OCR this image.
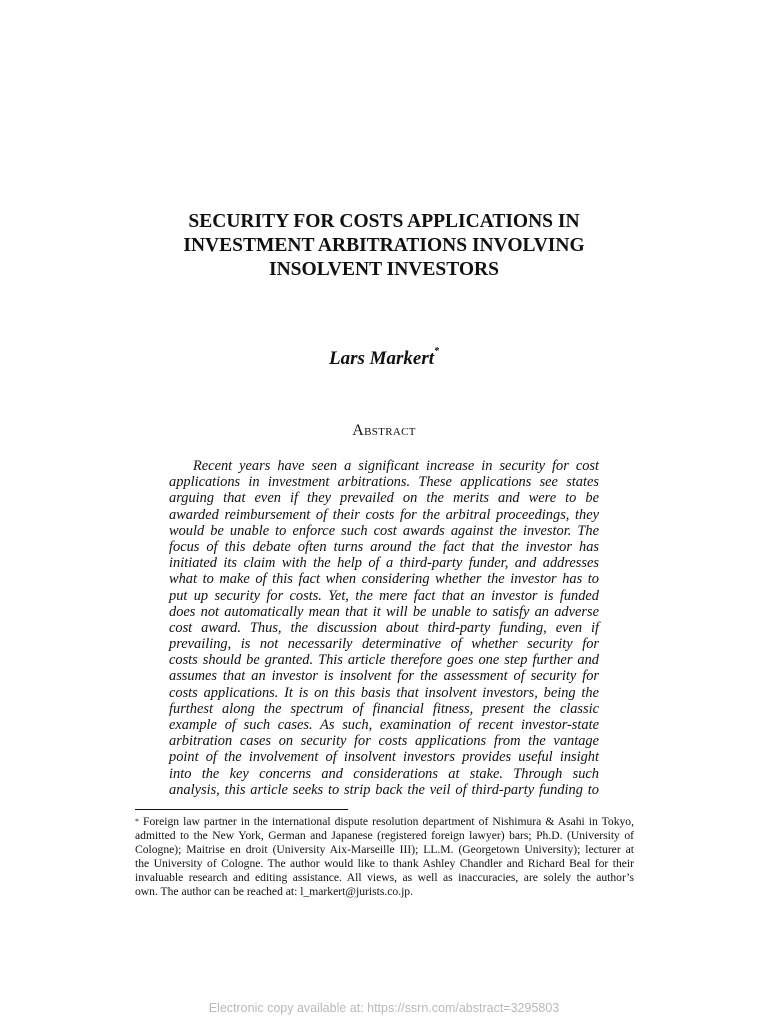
SECURITY FOR COSTS APPLICATIONS IN
INVESTMENT ARBITRATIONS INVOLVING
INSOLVENT INVESTORS
Lars Markert*
Abstract
Recent years have seen a significant increase in security for cost
applications in investment arbitrations. These applications see states
arguing that even if they prevailed on the merits and were to be
awarded reimbursement of their costs for the arbitral proceedings, they
would be unable to enforce such cost awards against the investor. The
focus of this debate often turns around the fact that the investor has
initiated its claim with the help of a third-party funder, and addresses
what to make of this fact when considering whether the investor has to
put up security for costs. Yet, the mere fact that an investor is funded
does not automatically mean that it will be unable to satisfy an adverse
cost award. Thus, the discussion about third-party funding, even if
prevailing, is not necessarily determinative of whether security for
costs should be granted. This article therefore goes one step further and
assumes that an investor is insolvent for the assessment of security for
costs applications. It is on this basis that insolvent investors, being the
furthest along the spectrum of financial fitness, present the classic
example of such cases. As such, examination of recent investor-state
arbitration cases on security for costs applications from the vantage
point of the involvement of insolvent investors provides useful insight
into the key concerns and considerations at stake. Through such
analysis, this article seeks to strip back the veil of third-party funding to
* Foreign law partner in the international dispute resolution department of Nishimura & Asahi in Tokyo,
admitted to the New York, German and Japanese (registered foreign lawyer) bars; Ph.D. (University of
Cologne); Maitrise en droit (University Aix-Marseille III); LL.M. (Georgetown University); lecturer at
the University of Cologne. The author would like to thank Ashley Chandler and Richard Beal for their
invaluable research and editing assistance. All views, as well as inaccuracies, are solely the author’s
own. The author can be reached at: l_markert@jurists.co.jp.
Electronic copy available at: https://ssrn.com/abstract=3295803
